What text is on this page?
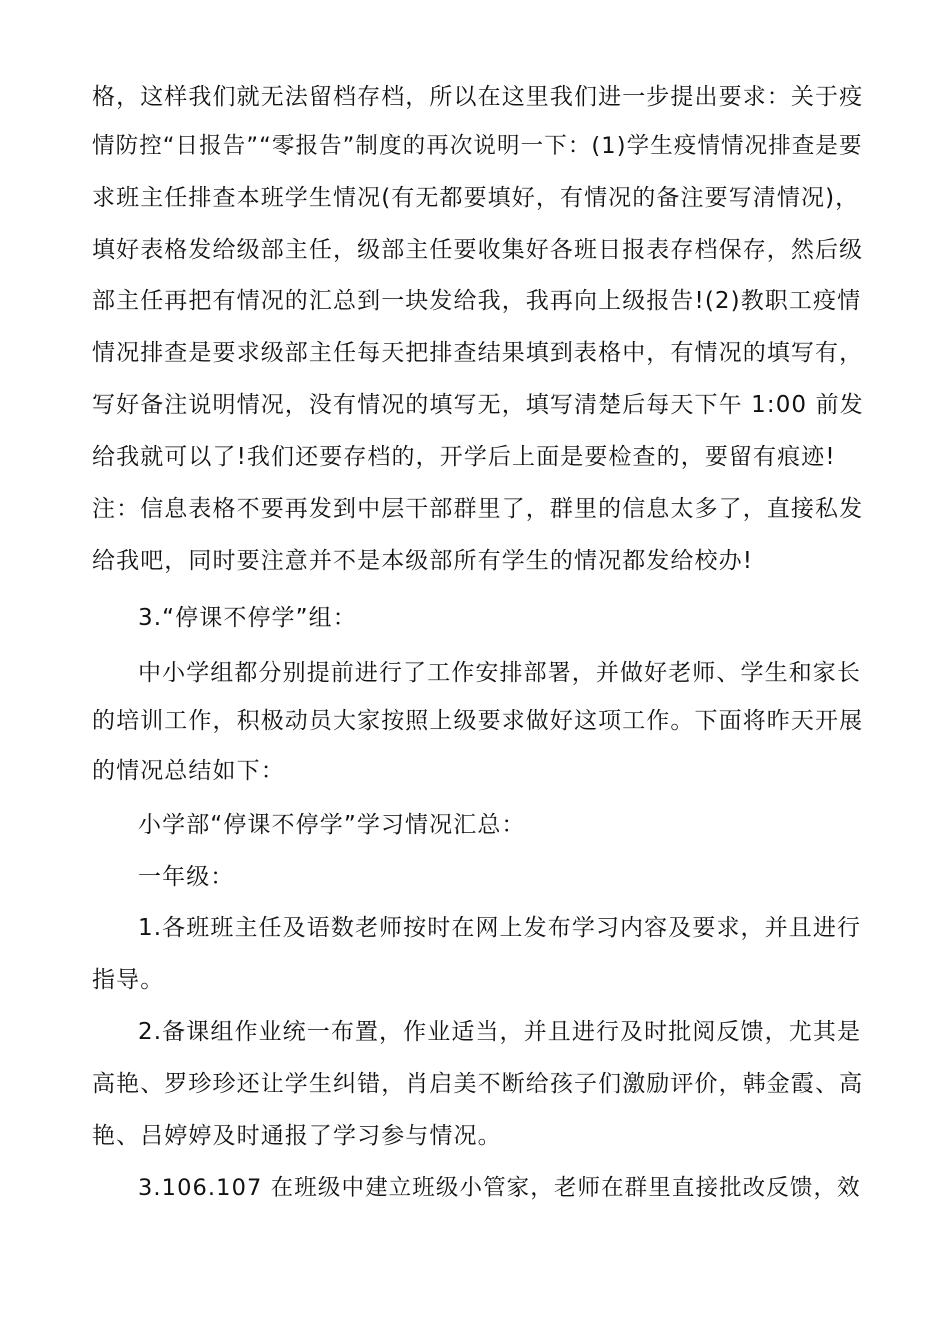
格，这样我们就无法留档存档，所以在这里我们进一步提出要求：关于疫
情防控“日报告”“零报告”制度的再次说明一下：(1)学生疫情情况排查是要
求班主任排查本班学生情况(有无都要填好，有情况的备注要写清情况)，
填好表格发给级部主任，级部主任要收集好各班日报表存档保存，然后级
部主任再把有情况的汇总到一块发给我，我再向上级报告!(2)教职工疫情
情况排查是要求级部主任每天把排查结果填到表格中，有情况的填写有，
写好备注说明情况，没有情况的填写无，填写清楚后每天下午 1:00 前发
给我就可以了!我们还要存档的，开学后上面是要检查的，要留有痕迹!
注：信息表格不要再发到中层干部群里了，群里的信息太多了，直接私发
给我吧，同时要注意并不是本级部所有学生的情况都发给校办!
3.“停课不停学”组：
中小学组都分别提前进行了工作安排部署，并做好老师、学生和家长
的培训工作，积极动员大家按照上级要求做好这项工作。下面将昨天开展
的情况总结如下：
小学部“停课不停学”学习情况汇总：
一年级：
1.各班班主任及语数老师按时在网上发布学习内容及要求，并且进行
指导。
2.备课组作业统一布置，作业适当，并且进行及时批阅反馈，尤其是
高艳、罗珍珍还让学生纠错，肖启美不断给孩子们激励评价，韩金霞、高
艳、吕婷婷及时通报了学习参与情况。
3.106.107 在班级中建立班级小管家，老师在群里直接批改反馈，效
